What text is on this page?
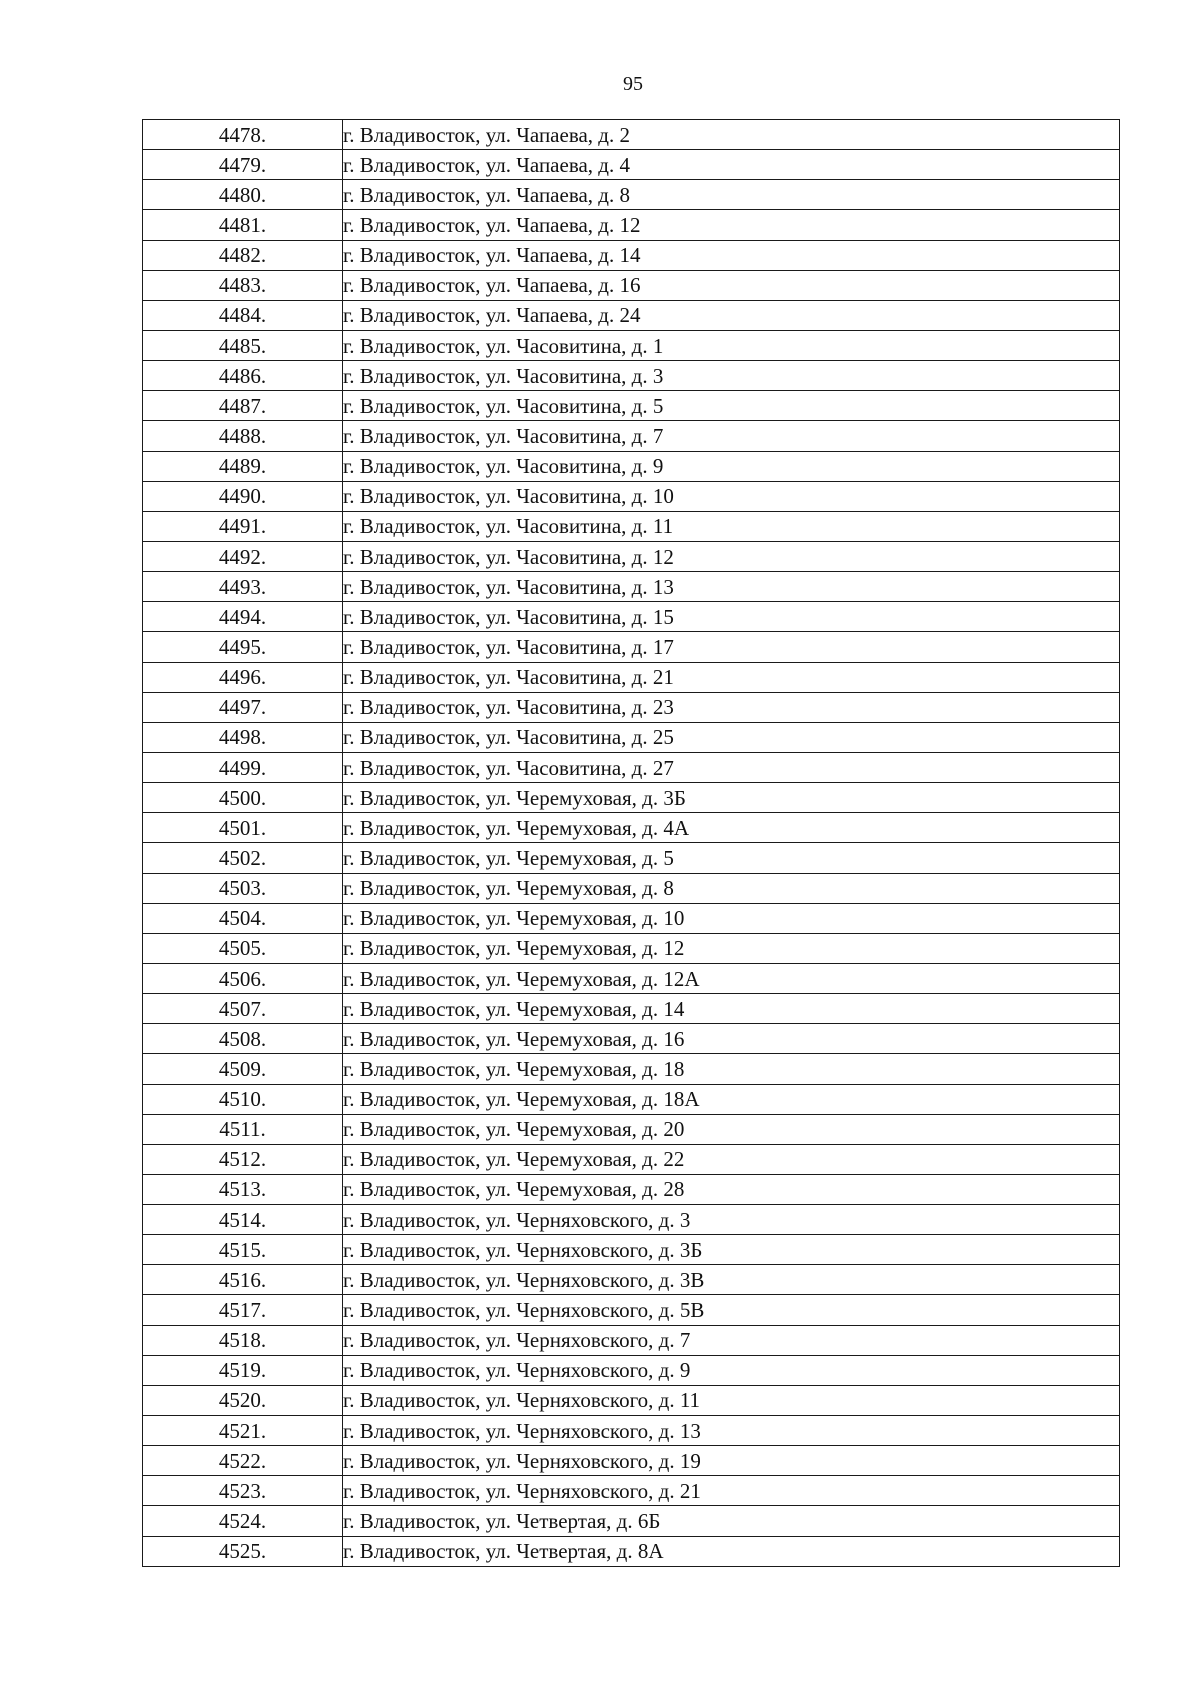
95
4478.	г. Владивосток, ул. Чапаева, д. 2
4479.	г. Владивосток, ул. Чапаева, д. 4
4480.	г. Владивосток, ул. Чапаева, д. 8
4481.	г. Владивосток, ул. Чапаева, д. 12
4482.	г. Владивосток, ул. Чапаева, д. 14
4483.	г. Владивосток, ул. Чапаева, д. 16
4484.	г. Владивосток, ул. Чапаева, д. 24
4485.	г. Владивосток, ул. Часовитина, д. 1
4486.	г. Владивосток, ул. Часовитина, д. 3
4487.	г. Владивосток, ул. Часовитина, д. 5
4488.	г. Владивосток, ул. Часовитина, д. 7
4489.	г. Владивосток, ул. Часовитина, д. 9
4490.	г. Владивосток, ул. Часовитина, д. 10
4491.	г. Владивосток, ул. Часовитина, д. 11
4492.	г. Владивосток, ул. Часовитина, д. 12
4493.	г. Владивосток, ул. Часовитина, д. 13
4494.	г. Владивосток, ул. Часовитина, д. 15
4495.	г. Владивосток, ул. Часовитина, д. 17
4496.	г. Владивосток, ул. Часовитина, д. 21
4497.	г. Владивосток, ул. Часовитина, д. 23
4498.	г. Владивосток, ул. Часовитина, д. 25
4499.	г. Владивосток, ул. Часовитина, д. 27
4500.	г. Владивосток, ул. Черемуховая, д. 3Б
4501.	г. Владивосток, ул. Черемуховая, д. 4А
4502.	г. Владивосток, ул. Черемуховая, д. 5
4503.	г. Владивосток, ул. Черемуховая, д. 8
4504.	г. Владивосток, ул. Черемуховая, д. 10
4505.	г. Владивосток, ул. Черемуховая, д. 12
4506.	г. Владивосток, ул. Черемуховая, д. 12А
4507.	г. Владивосток, ул. Черемуховая, д. 14
4508.	г. Владивосток, ул. Черемуховая, д. 16
4509.	г. Владивосток, ул. Черемуховая, д. 18
4510.	г. Владивосток, ул. Черемуховая, д. 18А
4511.	г. Владивосток, ул. Черемуховая, д. 20
4512.	г. Владивосток, ул. Черемуховая, д. 22
4513.	г. Владивосток, ул. Черемуховая, д. 28
4514.	г. Владивосток, ул. Черняховского, д. 3
4515.	г. Владивосток, ул. Черняховского, д. 3Б
4516.	г. Владивосток, ул. Черняховского, д. 3В
4517.	г. Владивосток, ул. Черняховского, д. 5В
4518.	г. Владивосток, ул. Черняховского, д. 7
4519.	г. Владивосток, ул. Черняховского, д. 9
4520.	г. Владивосток, ул. Черняховского, д. 11
4521.	г. Владивосток, ул. Черняховского, д. 13
4522.	г. Владивосток, ул. Черняховского, д. 19
4523.	г. Владивосток, ул. Черняховского, д. 21
4524.	г. Владивосток, ул. Четвертая, д. 6Б
4525.	г. Владивосток, ул. Четвертая, д. 8А
